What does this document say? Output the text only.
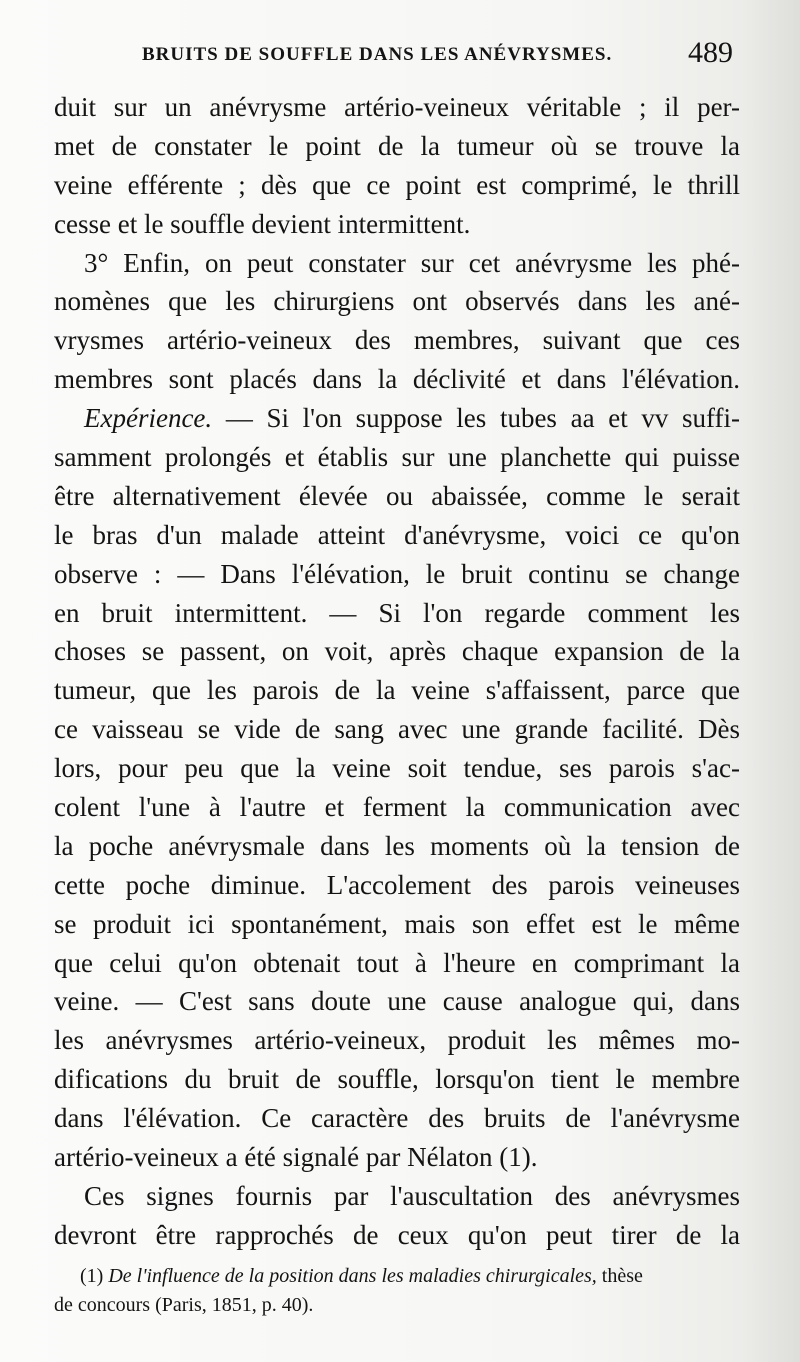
BRUITS DE SOUFFLE DANS LES ANÉVRYSMES.	489
duit sur un anévrysme artério-veineux véritable ; il per-
met de constater le point de la tumeur où se trouve la
veine efférente ; dès que ce point est comprimé, le thrill
cesse et le souffle devient intermittent.
3° Enfin, on peut constater sur cet anévrysme les phé-
nomènes que les chirurgiens ont observés dans les ané-
vrysmes artério-veineux des membres, suivant que ces
membres sont placés dans la déclivité et dans l'élévation.
Expérience. — Si l'on suppose les tubes aa et vv suffi-
samment prolongés et établis sur une planchette qui puisse
être alternativement élevée ou abaissée, comme le serait
le bras d'un malade atteint d'anévrysme, voici ce qu'on
observe : — Dans l'élévation, le bruit continu se change
en bruit intermittent. — Si l'on regarde comment les
choses se passent, on voit, après chaque expansion de la
tumeur, que les parois de la veine s'affaissent, parce que
ce vaisseau se vide de sang avec une grande facilité. Dès
lors, pour peu que la veine soit tendue, ses parois s'ac-
colent l'une à l'autre et ferment la communication avec
la poche anévrysmale dans les moments où la tension de
cette poche diminue. L'accolement des parois veineuses
se produit ici spontanément, mais son effet est le même
que celui qu'on obtenait tout à l'heure en comprimant la
veine. — C'est sans doute une cause analogue qui, dans
les anévrysmes artério-veineux, produit les mêmes mo-
difications du bruit de souffle, lorsqu'on tient le membre
dans l'élévation. Ce caractère des bruits de l'anévrysme
artério-veineux a été signalé par Nélaton (1).
Ces signes fournis par l'auscultation des anévrysmes
devront être rapprochés de ceux qu'on peut tirer de la
(1) De l'influence de la position dans les maladies chirurgicales, thèse
de concours (Paris, 1851, p. 40).
